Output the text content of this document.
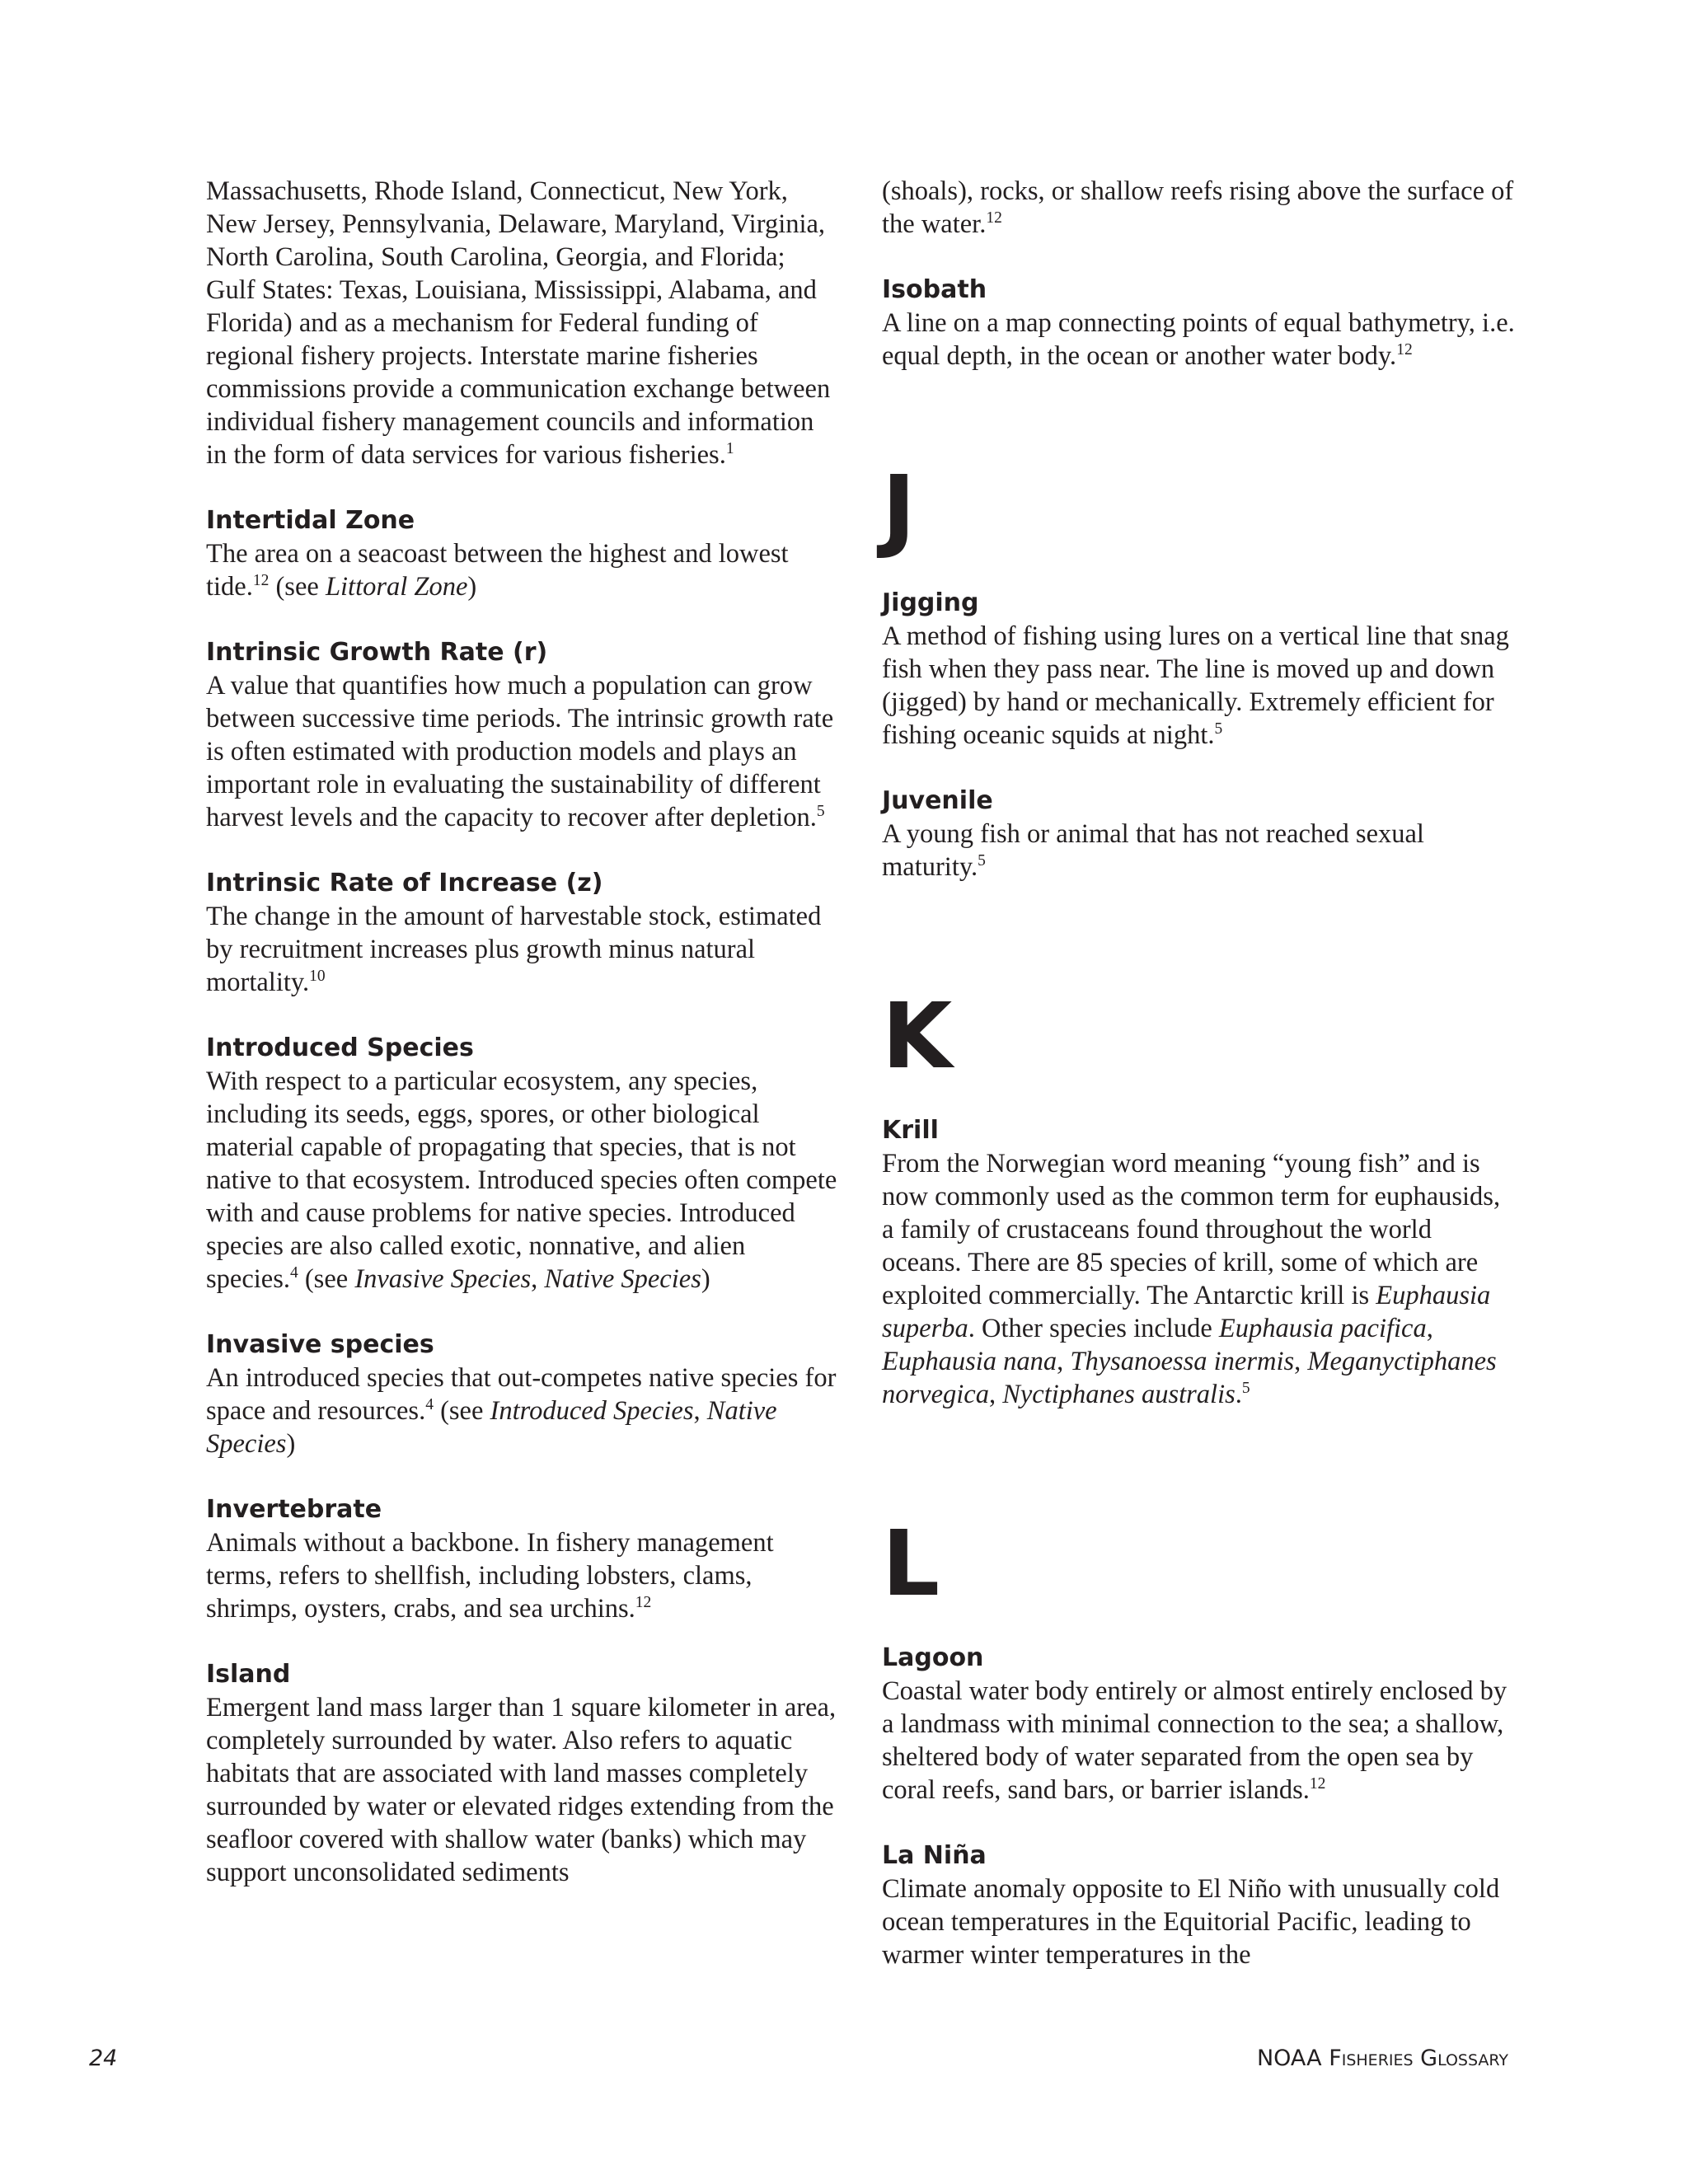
Massachusetts, Rhode Island, Connecticut, New York, New Jersey, Pennsylvania, Delaware, Maryland, Virginia, North Carolina, South Carolina, Georgia, and Florida; Gulf States: Texas, Louisiana, Mississippi, Alabama, and Florida) and as a mechanism for Federal funding of regional fishery projects. Interstate marine fisheries commissions provide a communication exchange between individual fishery management councils and information in the form of data services for various fisheries.$^1$

Intertidal Zone

The area on a seacoast between the highest and lowest tide.$^{12}$ (see Littoral Zone)

Intrinsic Growth Rate (r)

A value that quantifies how much a population can grow between successive time periods. The intrinsic growth rate is often estimated with production models and plays an important role in evaluating the sustainability of different harvest levels and the capacity to recover after depletion.$^5$

Intrinsic Rate of Increase (z)

The change in the amount of harvestable stock, estimated by recruitment increases plus growth minus natural mortality.$^{10}$

Introduced Species

With respect to a particular ecosystem, any species, including its seeds, eggs, spores, or other biological material capable of propagating that species, that is not native to that ecosystem. Introduced species often compete with and cause problems for native species. Introduced species are also called exotic, nonnative, and alien species.$^4$ (see Invasive Species, Native Species)

Invasive species

An introduced species that out-competes native species for space and resources.$^4$ (see Introduced Species, Native Species)

Invertebrate

Animals without a backbone. In fishery management terms, refers to shellfish, including lobsters, clams, shrimps, oysters, crabs, and sea urchins.$^{12}$

Island

Emergent land mass larger than 1 square kilometer in area, completely surrounded by water. Also refers to aquatic habitats that are associated with land masses completely surrounded by water or elevated ridges extending from the seafloor covered with shallow water (banks) which may support unconsolidated sediments

(shoals), rocks, or shallow reefs rising above the surface of the water.$^{12}$

Isobath

A line on a map connecting points of equal bathymetry, i.e. equal depth, in the ocean or another water body.$^{12}$

J
Jigging

A method of fishing using lures on a vertical line that snag fish when they pass near. The line is moved up and down (jigged) by hand or mechanically. Extremely efficient for fishing oceanic squids at night.$^5$

Juvenile

A young fish or animal that has not reached sexual maturity.$^5$

K
Krill

From the Norwegian word meaning “young fish” and is now commonly used as the common term for euphausids, a family of crustaceans found throughout the world oceans. There are 85 species of krill, some of which are exploited commercially. The Antarctic krill is Euphausia superba. Other species include Euphausia pacifica, Euphausia nana, Thysanoessa inermis, Meganyctiphanes norvegica, Nyctiphanes australis.$^5$

L
Lagoon

Coastal water body entirely or almost entirely enclosed by a landmass with minimal connection to the sea; a shallow, sheltered body of water separated from the open sea by coral reefs, sand bars, or barrier islands.$^{12}$

La Niña

Climate anomaly opposite to El Niño with unusually cold ocean temperatures in the Equitorial Pacific, leading to warmer winter temperatures in the

24	NOAA Fisheries Glossary
